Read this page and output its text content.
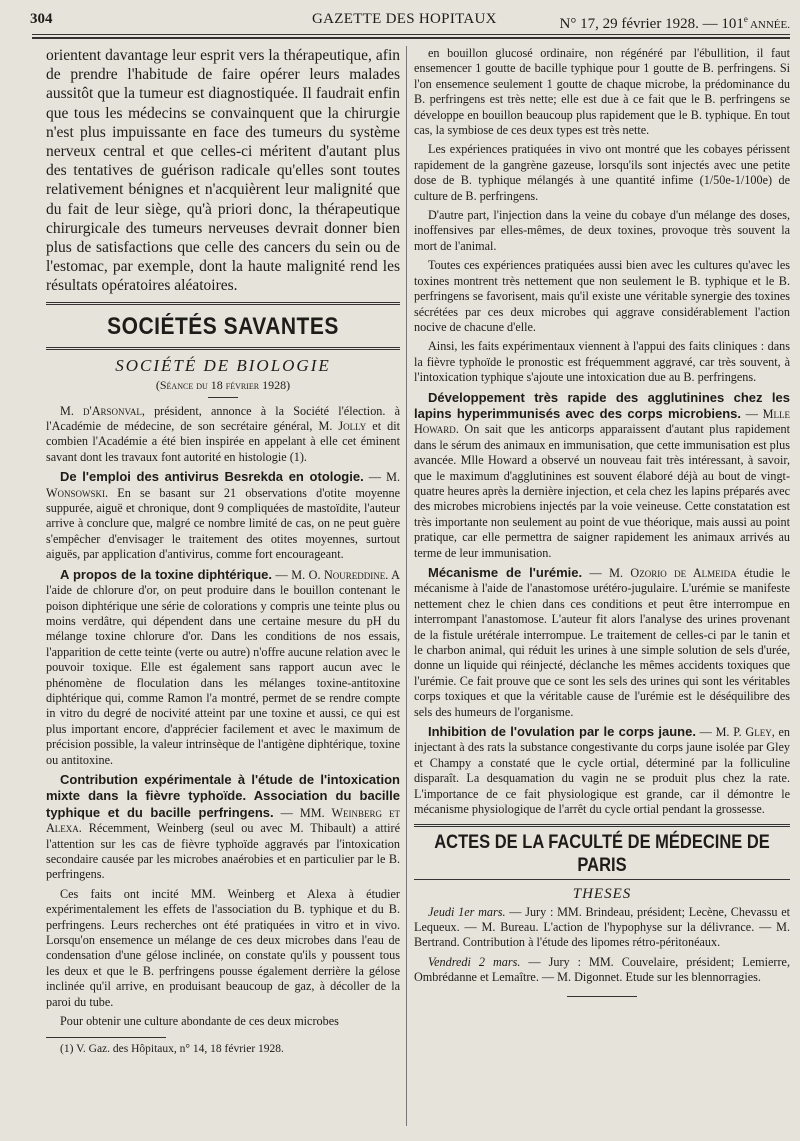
304	GAZETTE DES HOPITAUX	N° 17, 29 février 1928. — 101e ANNÉE.

orientent davantage leur esprit vers la thérapeutique, afin de prendre l'habitude de faire opérer leurs malades aussitôt que la tumeur est diagnostiquée. Il faudrait enfin que tous les médecins se convainquent que la chirurgie n'est plus impuissante en face des tumeurs du système nerveux central et que celles-ci méritent d'autant plus des tentatives de guérison radicale qu'elles sont toutes relativement bénignes et n'acquièrent leur malignité que du fait de leur siège, qu'à priori donc, la thérapeutique chirurgicale des tumeurs nerveuses devrait donner bien plus de satisfactions que celle des cancers du sein ou de l'estomac, par exemple, dont la haute malignité rend les résultats opératoires aléatoires.

SOCIÉTÉS SAVANTES
SOCIÉTÉ DE BIOLOGIE
(Séance du 18 février 1928)

M. d'Arsonval, président, annonce à la Société l'élection. à l'Académie de médecine, de son secrétaire général, M. Jolly et dit combien l'Académie a été bien inspirée en appelant à elle cet éminent savant dont les travaux font autorité en histologie (1).

De l'emploi des antivirus Besrekda en otologie. — M. Wonsowski. En se basant sur 21 observations d'otite moyenne suppurée, aiguë et chronique, dont 9 compliquées de mastoïdite, l'auteur arrive à conclure que, malgré ce nombre limité de cas, on ne peut guère s'empêcher d'envisager le traitement des otites moyennes, surtout aiguës, par application d'antivirus, comme fort encourageant.

A propos de la toxine diphtérique. — M. O. Noureddine. A l'aide de chlorure d'or, on peut produire dans le bouillon contenant le poison diphtérique une série de colorations y compris une teinte plus ou moins verdâtre, qui dépendent dans une certaine mesure du pH du mélange toxine chlorure d'or. Dans les conditions de nos essais, l'apparition de cette teinte (verte ou autre) n'offre aucune relation avec le pouvoir toxique. Elle est également sans rapport aucun avec le phénomène de floculation dans les mélanges toxine-antitoxine diphtérique qui, comme Ramon l'a montré, permet de se rendre compte in vitro du degré de nocivité atteint par une toxine et aussi, ce qui est plus important encore, d'apprécier facilement et avec le maximum de précision possible, la valeur intrinsèque de l'antigène diphtérique, toxine ou antitoxine.

Contribution expérimentale à l'étude de l'intoxication mixte dans la fièvre typhoïde. Association du bacille typhique et du bacille perfringens. — MM. Weinberg et Alexa. Récemment, Weinberg (seul ou avec M. Thibault) a attiré l'attention sur les cas de fièvre typhoïde aggravés par l'intoxication secondaire causée par les microbes anaérobies et en particulier par le B. perfringens.

Ces faits ont incité MM. Weinberg et Alexa à étudier expérimentalement les effets de l'association du B. typhique et du B. perfringens. Leurs recherches ont été pratiquées in vitro et in vivo. Lorsqu'on ensemence un mélange de ces deux microbes dans l'eau de condensation d'une gélose inclinée, on constate qu'ils y poussent tous les deux et que le B. perfringens pousse également derrière la gélose inclinée qu'il arrive, en produisant beaucoup de gaz, à décoller de la paroi du tube.

Pour obtenir une culture abondante de ces deux microbes

(1) V. Gaz. des Hôpitaux, n° 14, 18 février 1928.

en bouillon glucosé ordinaire, non régénéré par l'ébullition, il faut ensemencer 1 goutte de bacille typhique pour 1 goutte de B. perfringens. Si l'on ensemence seulement 1 goutte de chaque microbe, la prédominance du B. perfringens est très nette; elle est due à ce fait que le B. perfringens se développe en bouillon beaucoup plus rapidement que le B. typhique. En tout cas, la symbiose de ces deux types est très nette.

Les expériences pratiquées in vivo ont montré que les cobayes périssent rapidement de la gangrène gazeuse, lorsqu'ils sont injectés avec une petite dose de B. typhique mélangés à une quantité infime (1/50e-1/100e) de culture de B. perfringens.

D'autre part, l'injection dans la veine du cobaye d'un mélange des doses, inoffensives par elles-mêmes, de deux toxines, provoque très souvent la mort de l'animal.

Toutes ces expériences pratiquées aussi bien avec les cultures qu'avec les toxines montrent très nettement que non seulement le B. typhique et le B. perfringens se favorisent, mais qu'il existe une véritable synergie des toxines sécrétées par ces deux microbes qui aggrave considérablement l'action nocive de chacune d'elle.

Ainsi, les faits expérimentaux viennent à l'appui des faits cliniques : dans la fièvre typhoïde le pronostic est fréquemment aggravé, car très souvent, à l'intoxication typhique s'ajoute une intoxication due au B. perfringens.

Développement très rapide des agglutinines chez les lapins hyperimmunisés avec des corps microbiens. — Mlle Howard. On sait que les anticorps apparaissent d'autant plus rapidement dans le sérum des animaux en immunisation, que cette immunisation est plus avancée. Mlle Howard a observé un nouveau fait très intéressant, à savoir, que le maximum d'agglutinines est souvent élaboré déjà au bout de vingt-quatre heures après la dernière injection, et cela chez les lapins préparés avec des microbes microbiens injectés par la voie veineuse. Cette constatation est très importante non seulement au point de vue théorique, mais aussi au point pratique, car elle permettra de saigner rapidement les animaux arrivés au terme de leur immunisation.

Mécanisme de l'urémie. — M. Ozorio de Almeida étudie le mécanisme à l'aide de l'anastomose urétéro-jugulaire. L'urémie se manifeste nettement chez le chien dans ces conditions et peut être interrompue en interrompant l'anastomose. L'auteur fit alors l'analyse des urines provenant de la fistule urétérale interrompue. Le traitement de celles-ci par le tanin et le charbon animal, qui réduit les urines à une simple solution de sels d'urée, donne un liquide qui réinjecté, déclanche les mêmes accidents toxiques que l'urémie. Ce fait prouve que ce sont les sels des urines qui sont les véritables corps toxiques et que la véritable cause de l'urémie est le déséquilibre des sels des humeurs de l'organisme.

Inhibition de l'ovulation par le corps jaune. — M. P. Gley, en injectant à des rats la substance congestivante du corps jaune isolée par Gley et Champy a constaté que le cycle ortial, déterminé par la folliculine disparaît. La desquamation du vagin ne se produit plus chez la rate. L'importance de ce fait physiologique est grande, car il démontre le mécanisme physiologique de l'arrêt du cycle ortial pendant la grossesse.

ACTES DE LA FACULTÉ DE MÉDECINE DE PARIS
THESES

Jeudi 1er mars. — Jury : MM. Brindeau, président; Lecène, Chevassu et Lequeux. — M. Bureau. L'action de l'hypophyse sur la délivrance. — M. Bertrand. Contribution à l'étude des lipomes rétro-péritonéaux.

Vendredi 2 mars. — Jury : MM. Couvelaire, président; Lemierre, Ombrédanne et Lemaître. — M. Digonnet. Etude sur les blennorragies.
